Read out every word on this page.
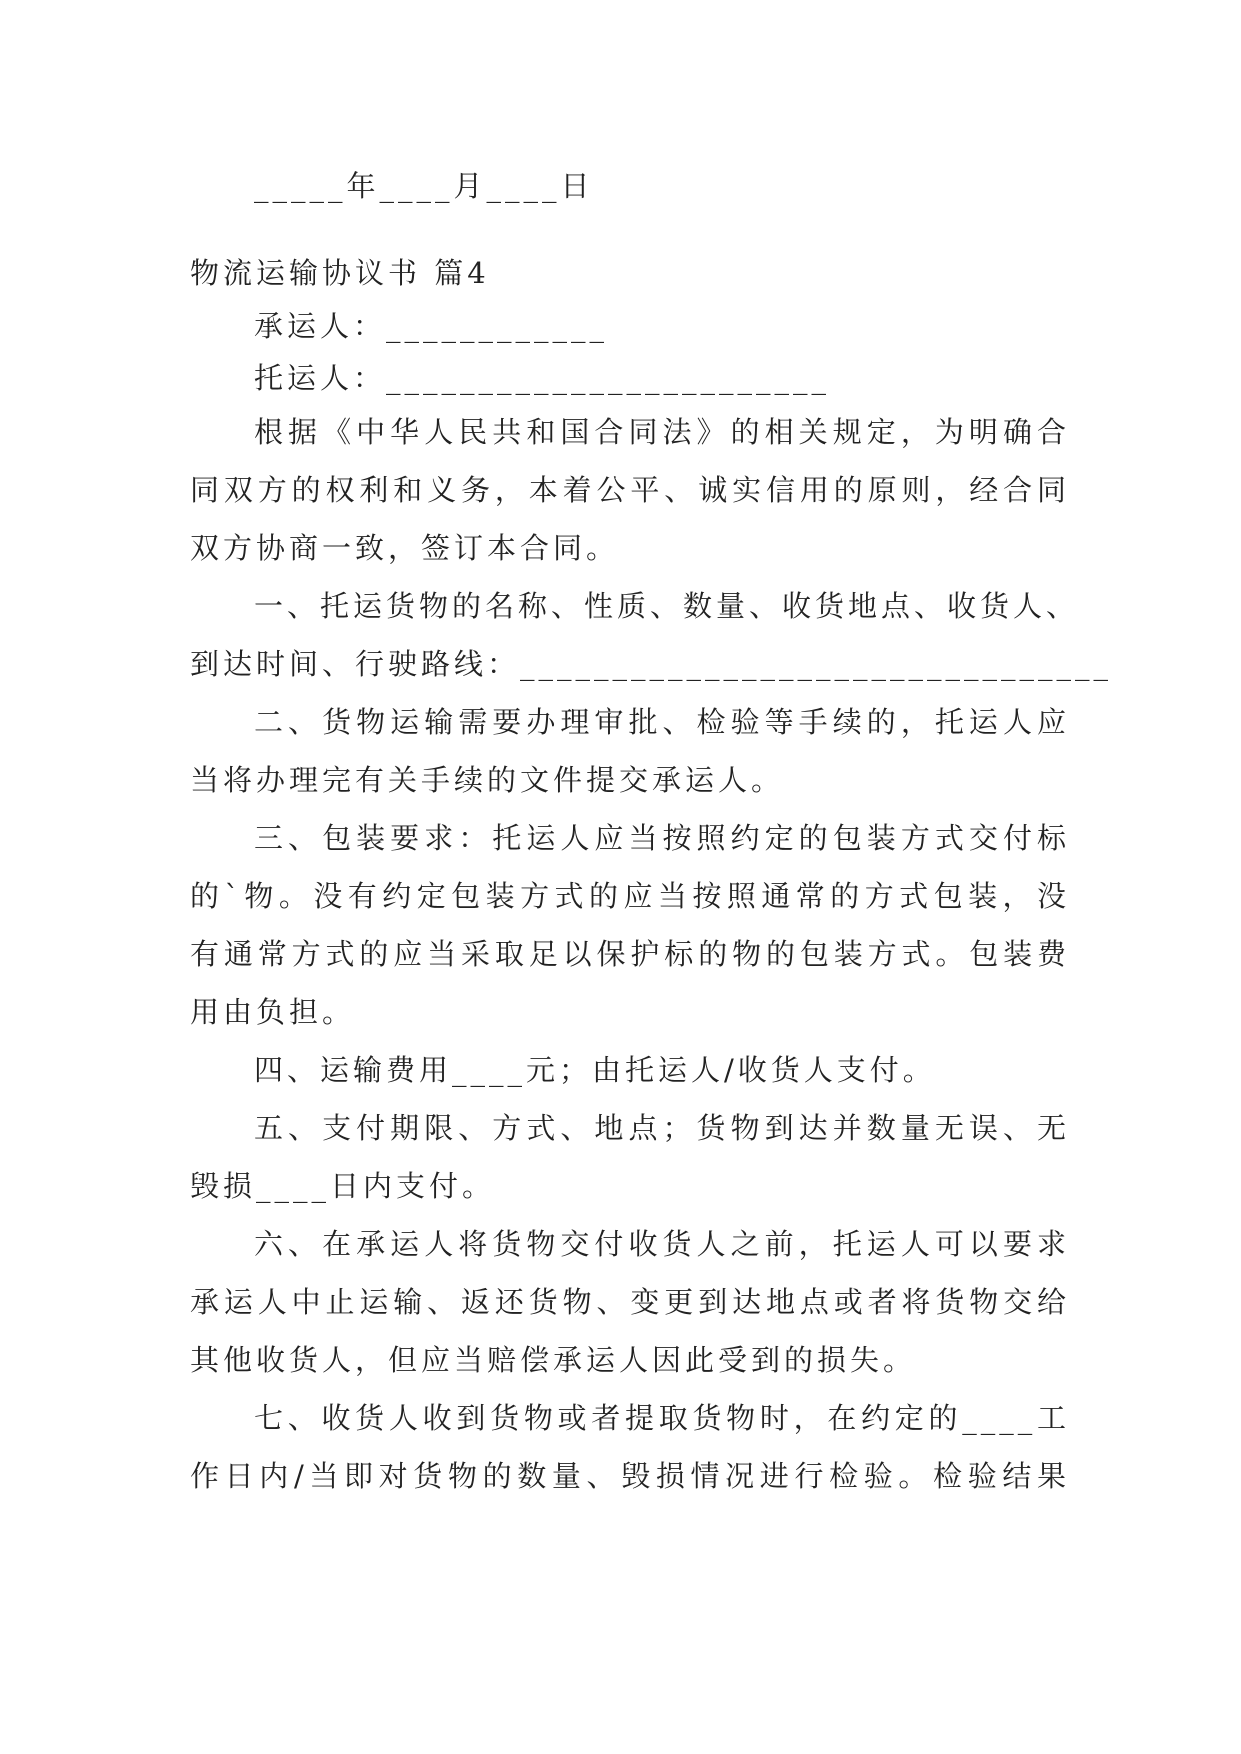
_____年____月____日
物流运输协议书 篇4
承运人：____________
托运人：________________________
根据《中华人民共和国合同法》的相关规定，为明确合
同双方的权利和义务，本着公平、诚实信用的原则，经合同
双方协商一致，签订本合同。
一、托运货物的名称、性质、数量、收货地点、收货人、
到达时间、行驶路线：________________________________
二、货物运输需要办理审批、检验等手续的，托运人应
当将办理完有关手续的文件提交承运人。
三、包装要求：托运人应当按照约定的包装方式交付标
的`物。没有约定包装方式的应当按照通常的方式包装，没
有通常方式的应当采取足以保护标的物的包装方式。包装费
用由负担。
四、运输费用____元；由托运人/收货人支付。
五、支付期限、方式、地点；货物到达并数量无误、无
毁损____日内支付。
六、在承运人将货物交付收货人之前，托运人可以要求
承运人中止运输、返还货物、变更到达地点或者将货物交给
其他收货人，但应当赔偿承运人因此受到的损失。
七、收货人收到货物或者提取货物时，在约定的____工
作日内/当即对货物的数量、毁损情况进行检验。检验结果
